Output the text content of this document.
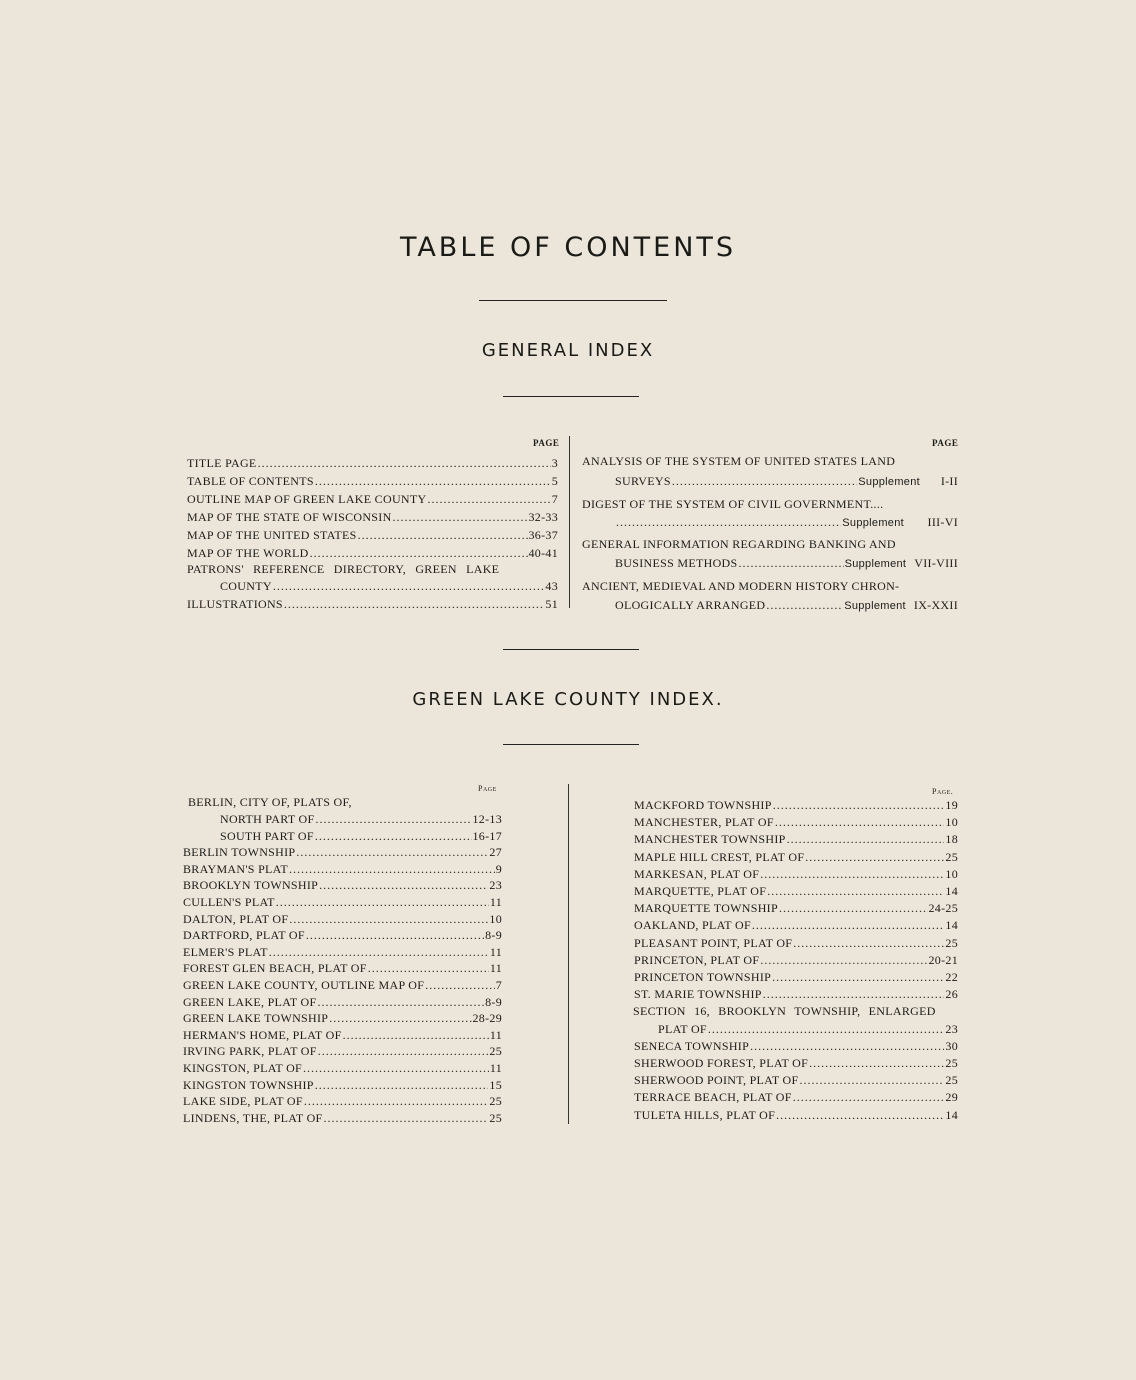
TABLE OF CONTENTS
GENERAL INDEX
PAGE
TITLE PAGE .....	3
TABLE OF CONTENTS .....	5
OUTLINE MAP OF GREEN LAKE COUNTY .....	7
MAP OF THE STATE OF WISCONSIN .....	32-33
MAP OF THE UNITED STATES .....	36-37
MAP OF THE WORLD .....	40-41
PATRONS' REFERENCE DIRECTORY, GREEN LAKE
COUNTY .....	43
ILLUSTRATIONS .....	51
PAGE
ANALYSIS OF THE SYSTEM OF UNITED STATES LAND
SURVEYS .....	Supplement	I-II
DIGEST OF THE SYSTEM OF CIVIL GOVERNMENT....
.....
Supplement	III-VI
GENERAL INFORMATION REGARDING BANKING AND
BUSINESS METHODS .....	Supplement VII-VIII
ANCIENT, MEDIEVAL AND MODERN HISTORY CHRON-
OLOGICALLY ARRANGED .....	Supplement IX-XXII
GREEN LAKE COUNTY INDEX.
Page
BERLIN, CITY OF, PLATS OF,
NORTH PART OF .....	12-13
SOUTH PART OF .....	16-17
BERLIN TOWNSHIP .....	27
BRAYMAN'S PLAT .....	9
BROOKLYN TOWNSHIP .....	23
CULLEN'S PLAT .....	11
DALTON, PLAT OF .....	10
DARTFORD, PLAT OF .....	8-9
ELMER'S PLAT .....	11
FOREST GLEN BEACH, PLAT OF .....	11
GREEN LAKE COUNTY, OUTLINE MAP OF .....	7
GREEN LAKE, PLAT OF .....	8-9
GREEN LAKE TOWNSHIP .....	28-29
HERMAN'S HOME, PLAT OF .....	11
IRVING PARK, PLAT OF .....	25
KINGSTON, PLAT OF .....	11
KINGSTON TOWNSHIP .....	15
LAKE SIDE, PLAT OF .....	25
LINDENS, THE, PLAT OF .....	25
Page.
MACKFORD TOWNSHIP .....	19
MANCHESTER, PLAT OF .....	10
MANCHESTER TOWNSHIP .....	18
MAPLE HILL CREST, PLAT OF .....	25
MARKESAN, PLAT OF .....	10
MARQUETTE, PLAT OF .....	14
MARQUETTE TOWNSHIP .....	24-25
OAKLAND, PLAT OF .....	14
PLEASANT POINT, PLAT OF .....	25
PRINCETON, PLAT OF .....	20-21
PRINCETON TOWNSHIP .....	22
ST. MARIE TOWNSHIP .....	26
SECTION 16, BROOKLYN TOWNSHIP, ENLARGED
PLAT OF .....	23
SENECA TOWNSHIP .....	30
SHERWOOD FOREST, PLAT OF .....	25
SHERWOOD POINT, PLAT OF .....	25
TERRACE BEACH, PLAT OF .....	29
TULETA HILLS, PLAT OF .....	14
